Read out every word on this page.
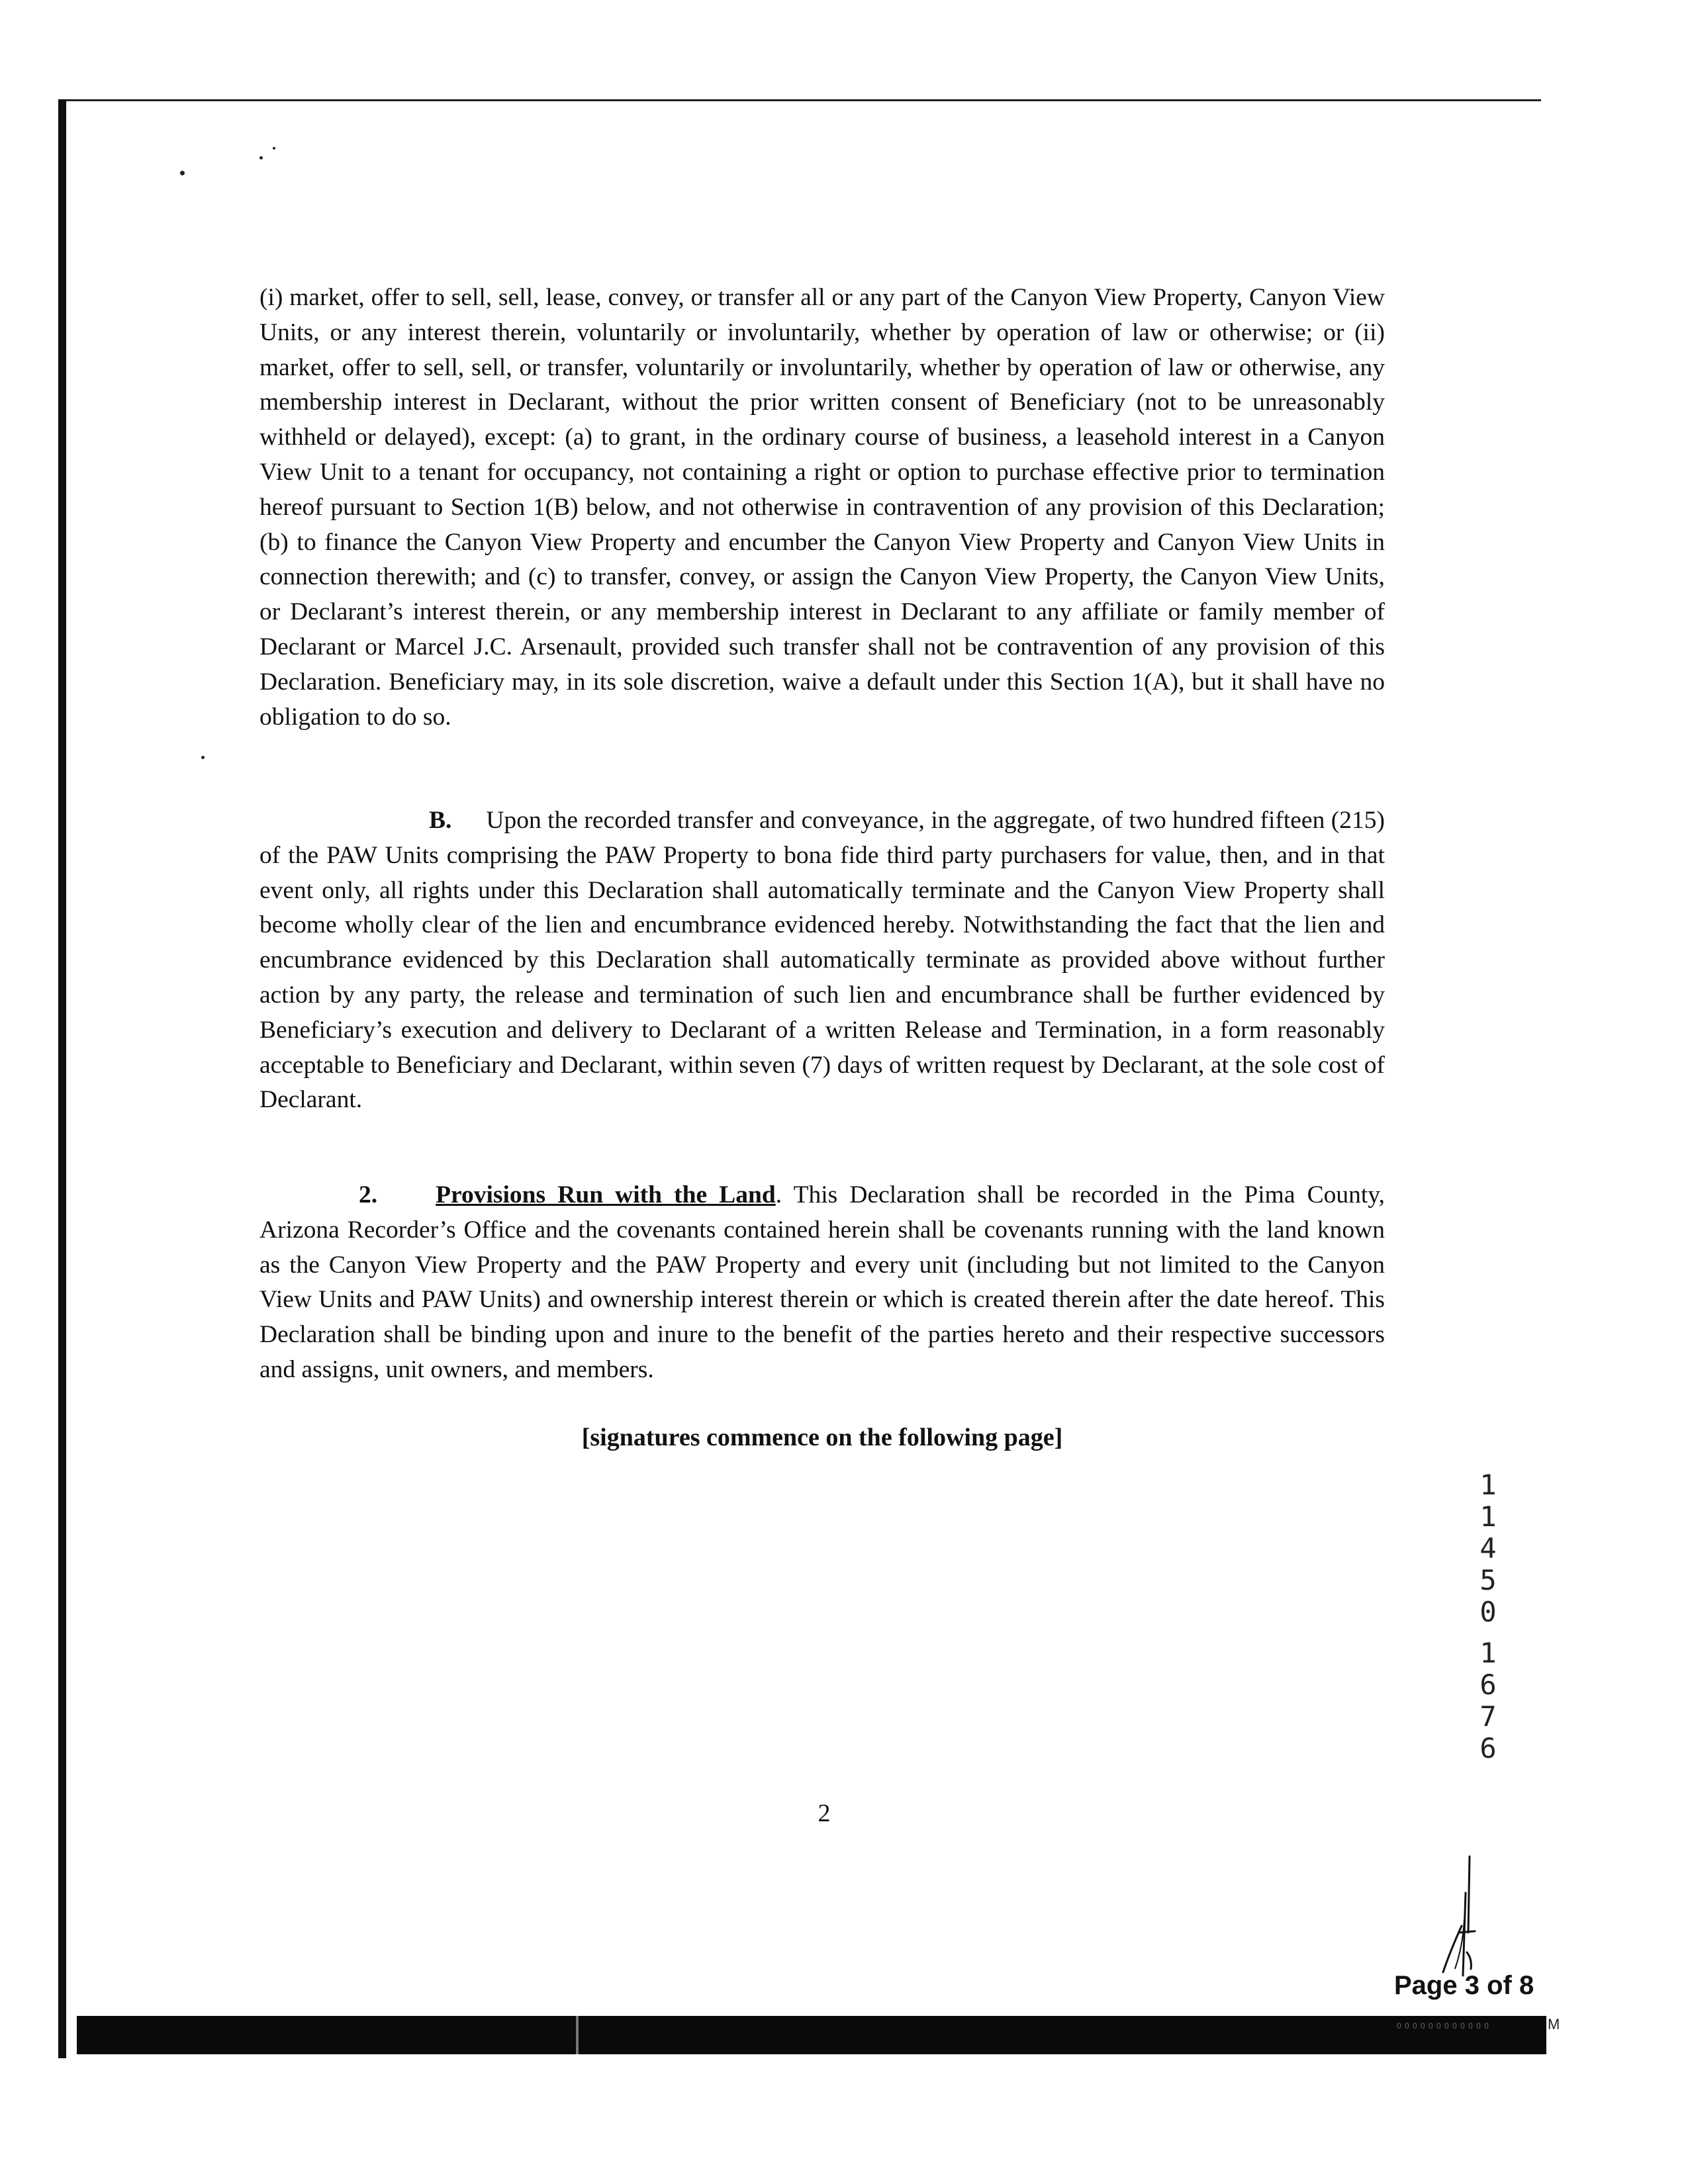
(i) market, offer to sell, sell, lease, convey, or transfer all or any part of the Canyon View Property, Canyon View Units, or any interest therein, voluntarily or involuntarily, whether by operation of law or otherwise; or (ii) market, offer to sell, sell, or transfer, voluntarily or involuntarily, whether by operation of law or otherwise, any membership interest in Declarant, without the prior written consent of Beneficiary (not to be unreasonably withheld or delayed), except: (a) to grant, in the ordinary course of business, a leasehold interest in a Canyon View Unit to a tenant for occupancy, not containing a right or option to purchase effective prior to termination hereof pursuant to Section 1(B) below, and not otherwise in contravention of any provision of this Declaration; (b) to finance the Canyon View Property and encumber the Canyon View Property and Canyon View Units in connection therewith; and (c) to transfer, convey, or assign the Canyon View Property, the Canyon View Units, or Declarant’s interest therein, or any membership interest in Declarant to any affiliate or family member of Declarant or Marcel J.C. Arsenault, provided such transfer shall not be contravention of any provision of this Declaration. Beneficiary may, in its sole discretion, waive a default under this Section 1(A), but it shall have no obligation to do so.
B. Upon the recorded transfer and conveyance, in the aggregate, of two hundred fifteen (215) of the PAW Units comprising the PAW Property to bona fide third party purchasers for value, then, and in that event only, all rights under this Declaration shall automatically terminate and the Canyon View Property shall become wholly clear of the lien and encumbrance evidenced hereby. Notwithstanding the fact that the lien and encumbrance evidenced by this Declaration shall automatically terminate as provided above without further action by any party, the release and termination of such lien and encumbrance shall be further evidenced by Beneficiary’s execution and delivery to Declarant of a written Release and Termination, in a form reasonably acceptable to Beneficiary and Declarant, within seven (7) days of written request by Declarant, at the sole cost of Declarant.
2. Provisions Run with the Land. This Declaration shall be recorded in the Pima County, Arizona Recorder’s Office and the covenants contained herein shall be covenants running with the land known as the Canyon View Property and the PAW Property and every unit (including but not limited to the Canyon View Units and PAW Units) and ownership interest therein or which is created therein after the date hereof. This Declaration shall be binding upon and inure to the benefit of the parties hereto and their respective successors and assigns, unit owners, and members.
[signatures commence on the following page]
2
1
1
4
5
0
1
6
7
6
Page 3 of 8
0 0 0 0 0 0 0 0 0 0 0 0	M
